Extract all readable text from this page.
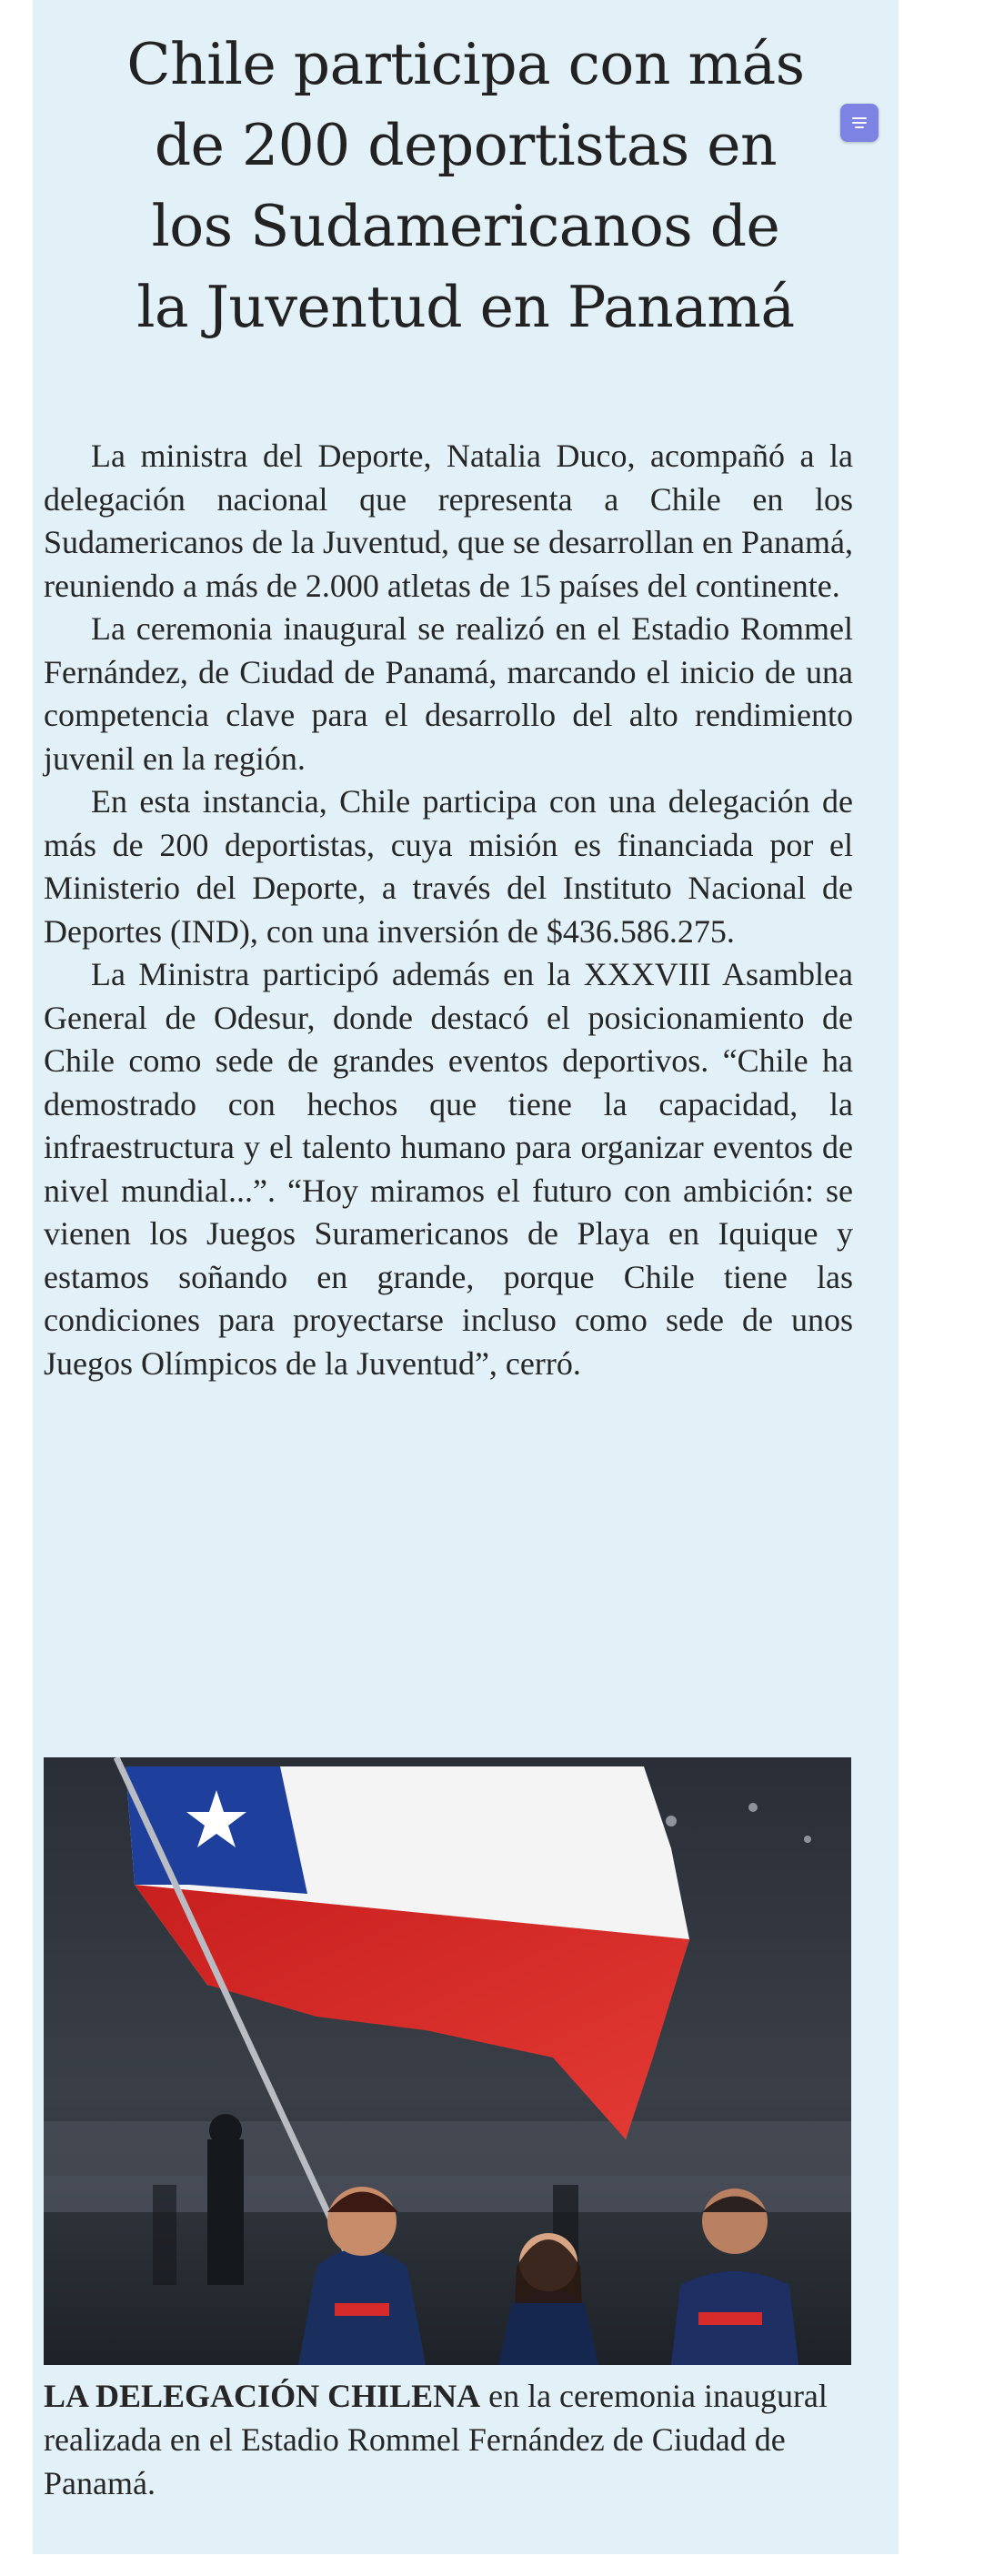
Chile participa con más
de 200 deportistas en
los Sudamericanos de
la Juventud en Panamá

La ministra del Deporte, Natalia Duco, acompañó a la delegación nacional que representa a Chile en los Sudamericanos de la Juventud, que se desarrollan en Panamá, reuniendo a más de 2.000 atletas de 15 países del continente.

La ceremonia inaugural se realizó en el Estadio Rommel Fernández, de Ciudad de Panamá, marcando el inicio de una competencia clave para el desarrollo del alto rendimiento juvenil en la región.

En esta instancia, Chile participa con una delegación de más de 200 deportistas, cuya misión es financiada por el Ministerio del Deporte, a través del Instituto Nacional de Deportes (IND), con una inversión de $436.586.275.

La Ministra participó además en la XXXVIII Asamblea General de Odesur, donde destacó el posicionamiento de Chile como sede de grandes eventos deportivos. “Chile ha demostrado con hechos que tiene la capacidad, la infraestructura y el talento humano para organizar eventos de nivel mundial...”. “Hoy miramos el futuro con ambición: se vienen los Juegos Suramericanos de Playa en Iquique y estamos soñando en grande, porque Chile tiene las condiciones para proyectarse incluso como sede de unos Juegos Olímpicos de la Juventud”, cerró.

LA DELEGACIÓN CHILENA en la ceremonia inaugural realizada en el Estadio Rommel Fernández de Ciudad de Panamá.
